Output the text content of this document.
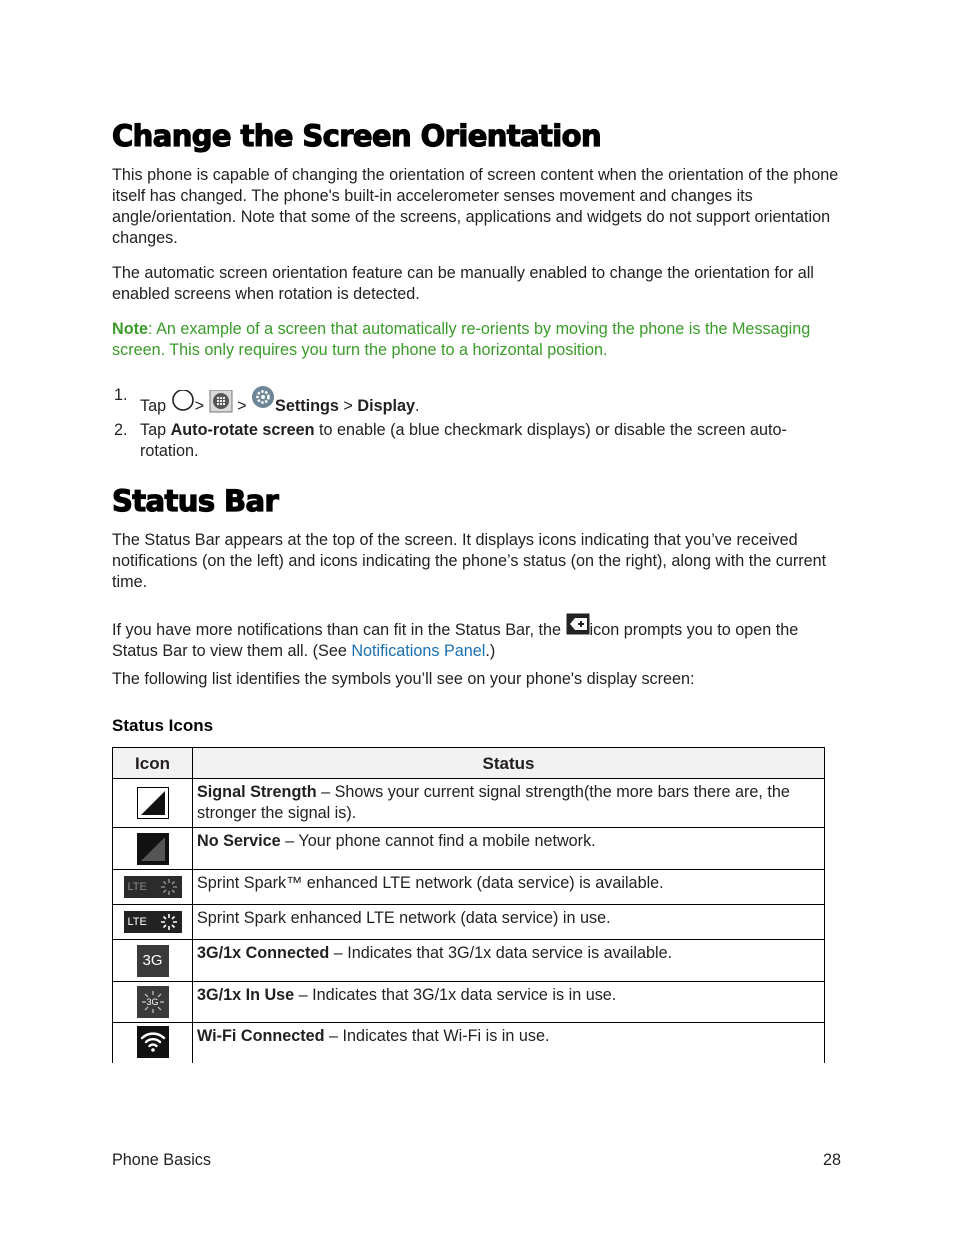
Change the Screen Orientation

This phone is capable of changing the orientation of screen content when the orientation of the phone itself has changed. The phone's built-in accelerometer senses movement and changes its angle/orientation. Note that some of the screens, applications and widgets do not support orientation changes.

The automatic screen orientation feature can be manually enabled to change the orientation for all enabled screens when rotation is detected.

Note: An example of a screen that automatically re-orients by moving the phone is the Messaging screen. This only requires you turn the phone to a horizontal position.

1.
Tap > > Settings > Display.
2. Tap Auto-rotate screen to enable (a blue checkmark displays) or disable the screen auto-rotation.
Status Bar

The Status Bar appears at the top of the screen. It displays icons indicating that you’ve received notifications (on the left) and icons indicating the phone’s status (on the right), along with the current time.

If you have more notifications than can fit in the Status Bar, the icon prompts you to open the Status Bar to view them all. (See Notifications Panel.)

The following list identifies the symbols you’ll see on your phone's display screen:

Status Icons
Icon	Status

	Signal Strength – Shows your current signal strength(the more bars there are, the stronger the signal is).

	No Service – Your phone cannot find a mobile network.

LTE	Sprint Spark™ enhanced LTE network (data service) is available.

LTE	Sprint Spark enhanced LTE network (data service) in use.

3G	3G/1x Connected – Indicates that 3G/1x data service is available.

3G	3G/1x In Use – Indicates that 3G/1x data service is in use.

	Wi-Fi Connected – Indicates that Wi-Fi is in use.
Phone Basics	28
